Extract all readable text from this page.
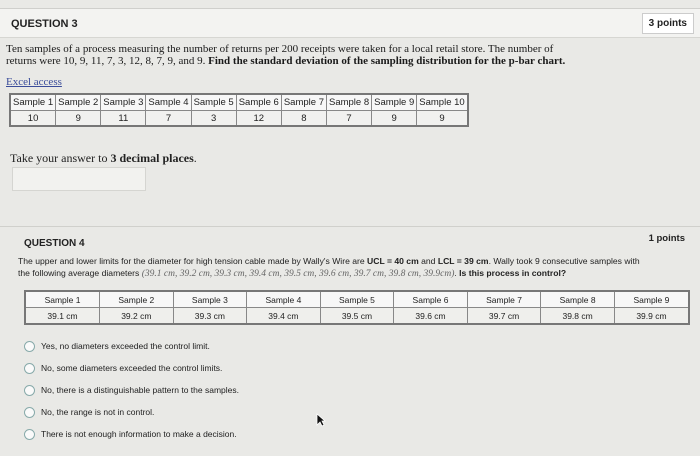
QUESTION 3	3 points
Ten samples of a process measuring the number of returns per 200 receipts were taken for a local retail store. The number of
returns were 10, 9, 11, 7, 3, 12, 8, 7, 9, and 9. Find the standard deviation of the sampling distribution for the p-bar chart.
Excel access
Sample 1	Sample 2	Sample 3	Sample 4	Sample 5	Sample 6	Sample 7	Sample 8	Sample 9	Sample 10
10	9	11	7	3	12	8	7	9	9
Take your answer to 3 decimal places.
QUESTION 4	1 points
The upper and lower limits for the diameter for high tension cable made by Wally's Wire are UCL = 40 cm and LCL = 39 cm. Wally took 9 consecutive samples with
the following average diameters (39.1 cm, 39.2 cm, 39.3 cm, 39.4 cm, 39.5 cm, 39.6 cm, 39.7 cm, 39.8 cm, 39.9cm). Is this process in control?
Sample 1	Sample 2	Sample 3	Sample 4	Sample 5	Sample 6	Sample 7	Sample 8	Sample 9
39.1 cm	39.2 cm	39.3 cm	39.4 cm	39.5 cm	39.6 cm	39.7 cm	39.8 cm	39.9 cm
Yes, no diameters exceeded the control limit.
No, some diameters exceeded the control limits.
No, there is a distinguishable pattern to the samples.
No, the range is not in control.
There is not enough information to make a decision.
